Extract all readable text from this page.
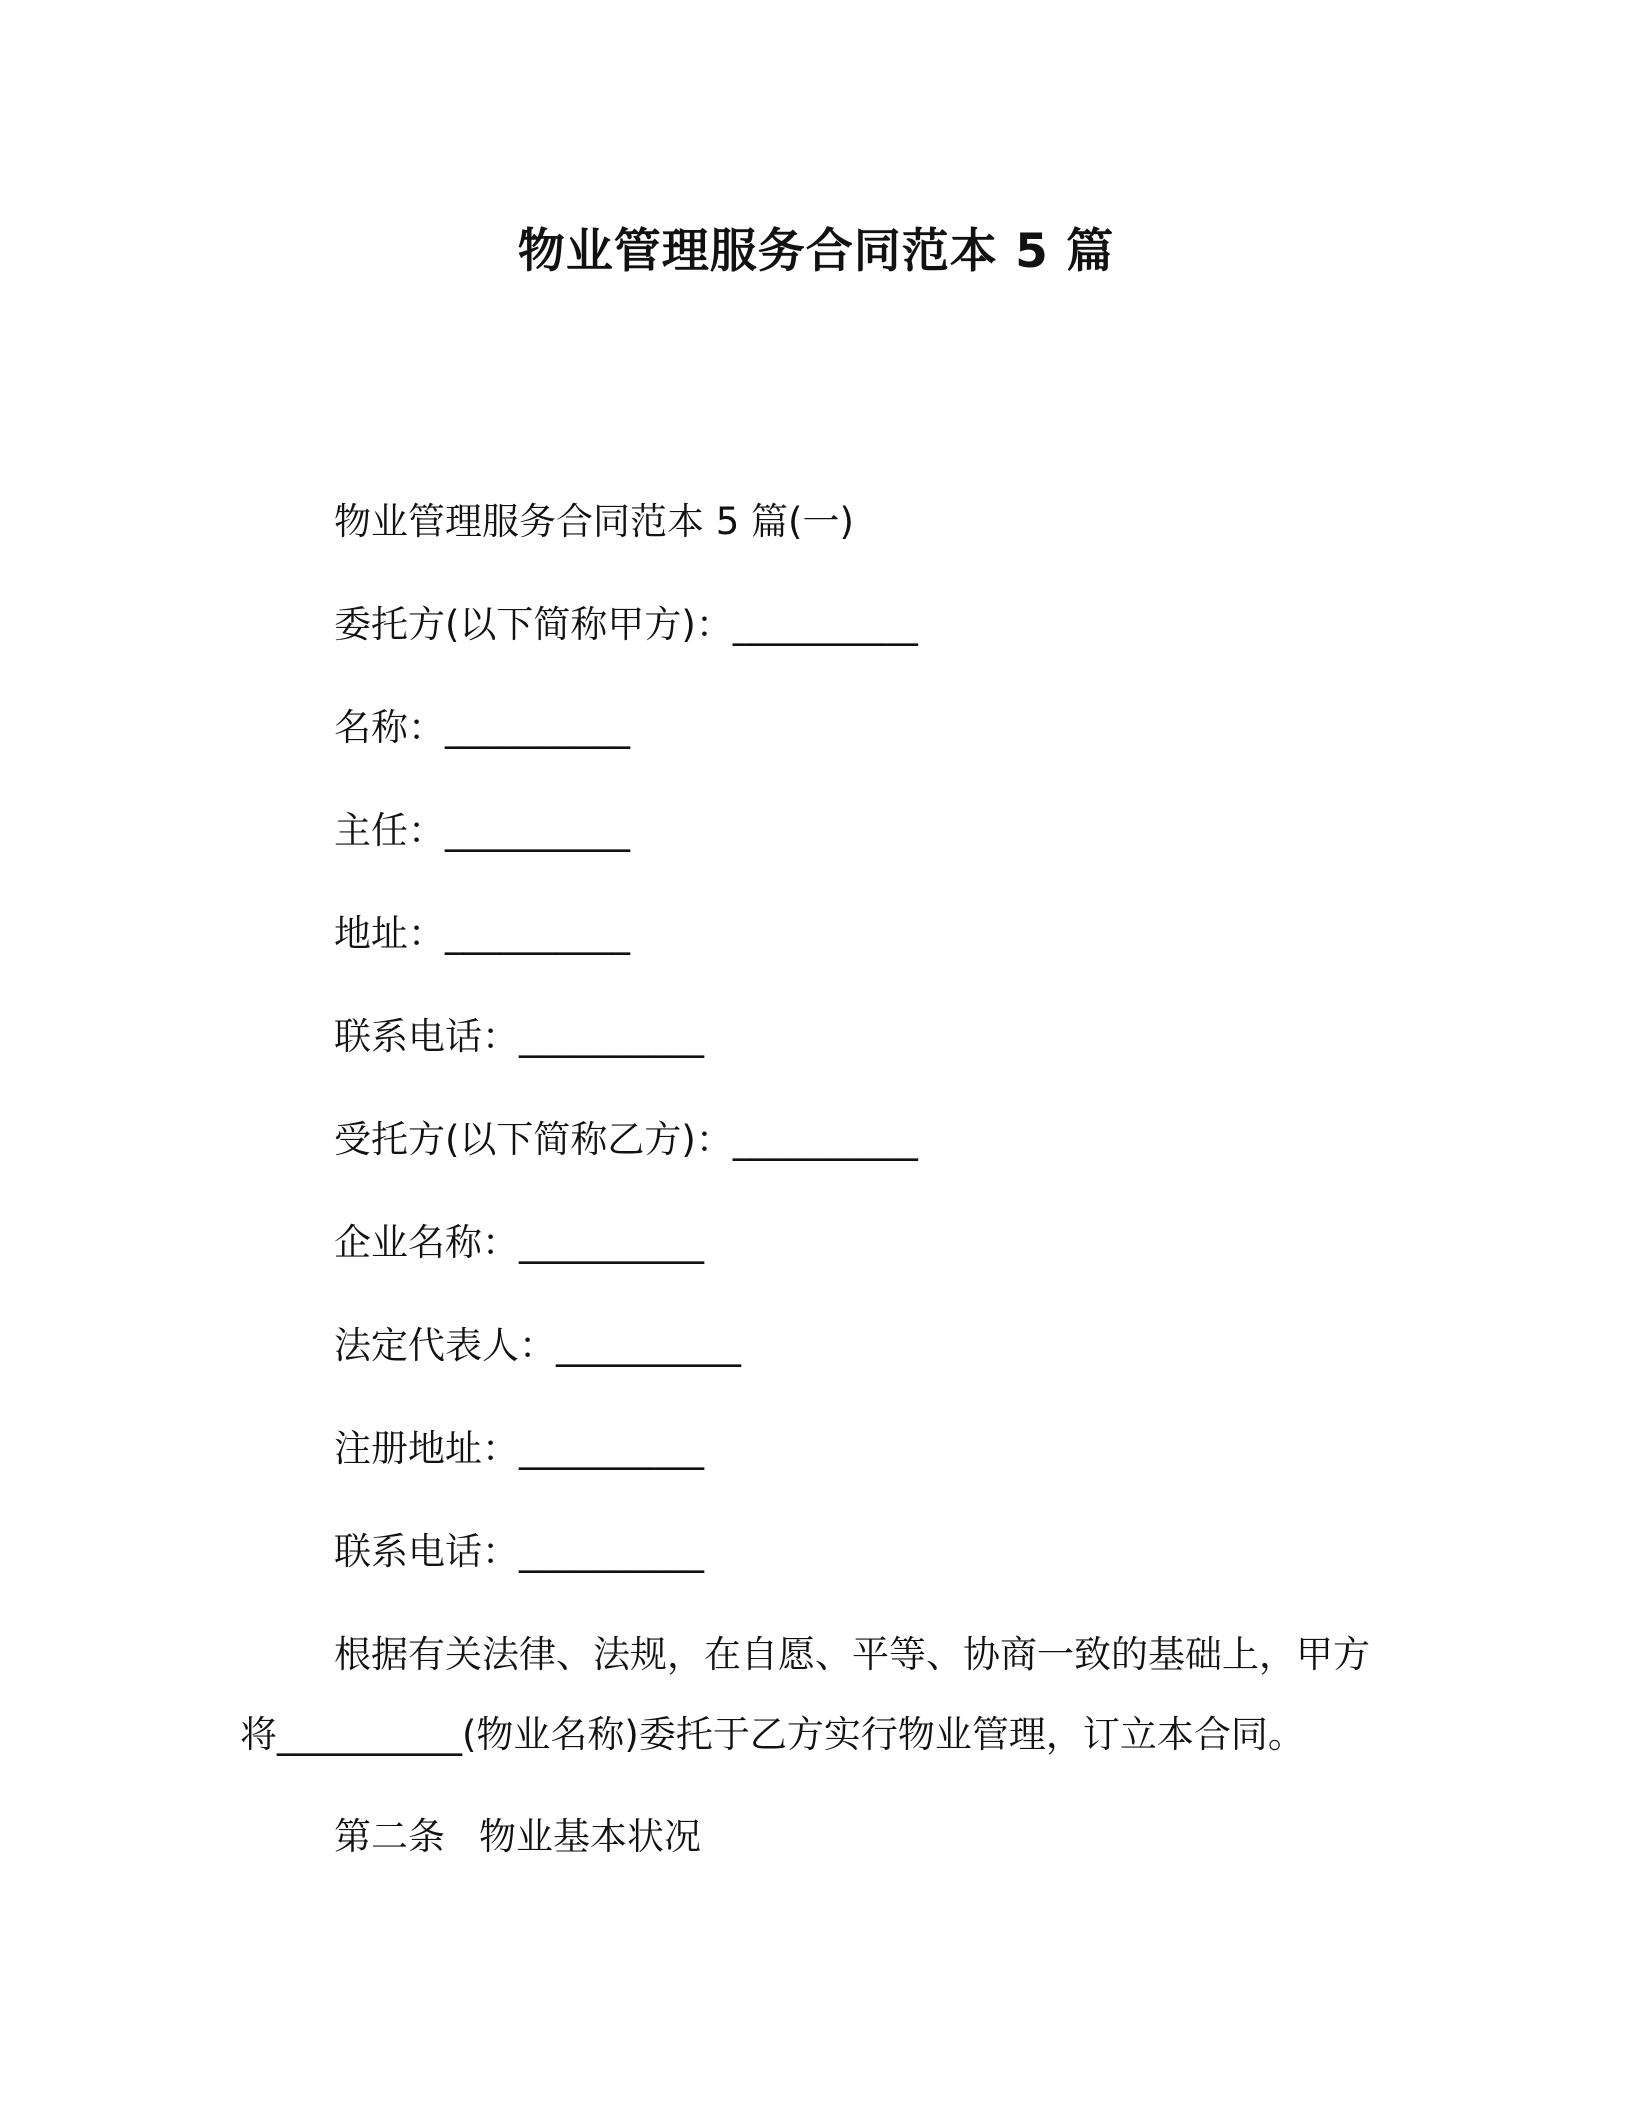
物业管理服务合同范本 5 篇
物业管理服务合同范本 5 篇(一)
委托方(以下简称甲方)：__________
名称：__________
主任：__________
地址：__________
联系电话：__________
受托方(以下简称乙方)：__________
企业名称：__________
法定代表人：__________
注册地址：__________
联系电话：__________
根据有关法律、法规，在自愿、平等、协商一致的基础上，甲方
将__________(物业名称)委托于乙方实行物业管理，订立本合同。
第二条 物业基本状况
